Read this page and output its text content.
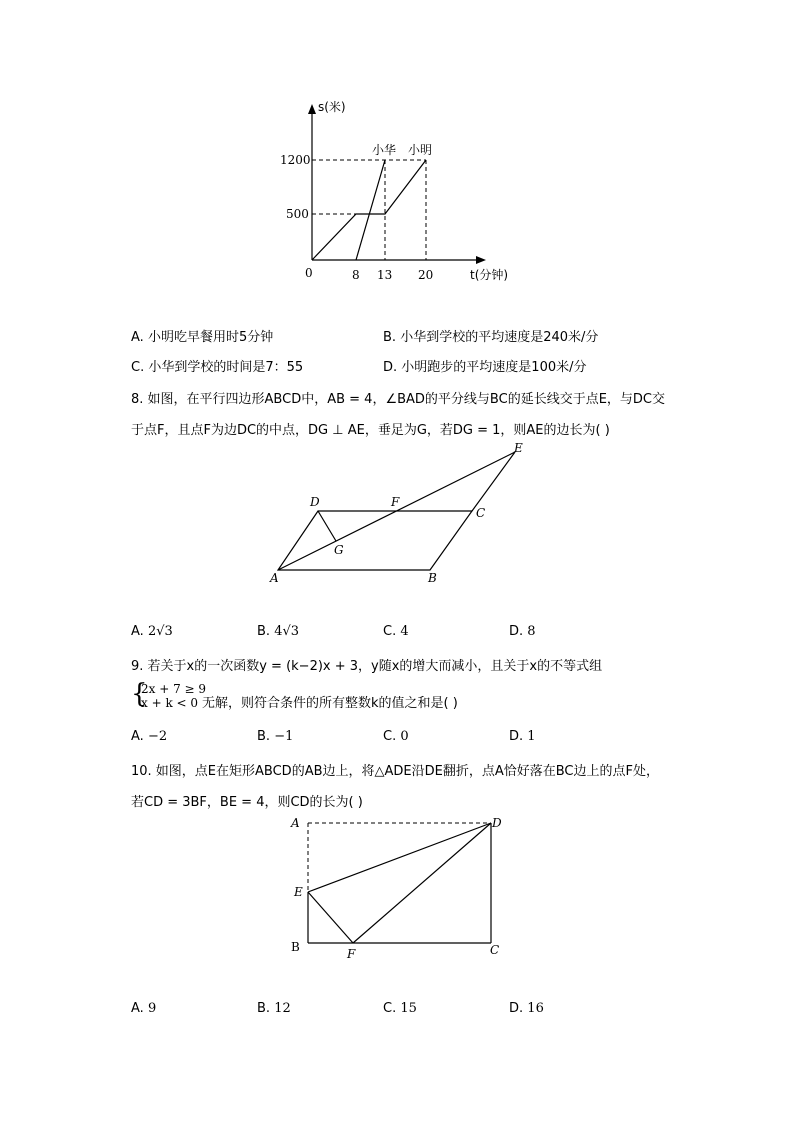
s(米)
t(分钟)
0
1200
500
8 13 20
小华 小明
A. 小明吃早餐用时5分钟	B. 小华到学校的平均速度是240米/分
C. 小华到学校的时间是7：55	D. 小明跑步的平均速度是100米/分
8. 如图，在平行四边形ABCD中，AB = 4，∠BAD的平分线与BC的延长线交于点E，与DC交
于点F，且点F为边DC的中点，DG ⊥ AE，垂足为G，若DG = 1，则AE的边长为( )
A	B
C
D
E
F
G
A. 2√3	B. 4√3	C. 4	D. 8
9. 若关于x的一次函数y = (k−2)x + 3，y随x的增大而减小，且关于x的不等式组
{
2x + 7 ≥ 9
x + k < 0 无解，则符合条件的所有整数k的值之和是( )
A. −2	B. −1	C. 0	D. 1
10. 如图，点E在矩形ABCD的AB边上，将△ADE沿DE翻折，点A恰好落在BC边上的点F处，
若CD = 3BF，BE = 4，则CD的长为( )
A
B	C
D
E
F
A. 9	B. 12	C. 15	D. 16
